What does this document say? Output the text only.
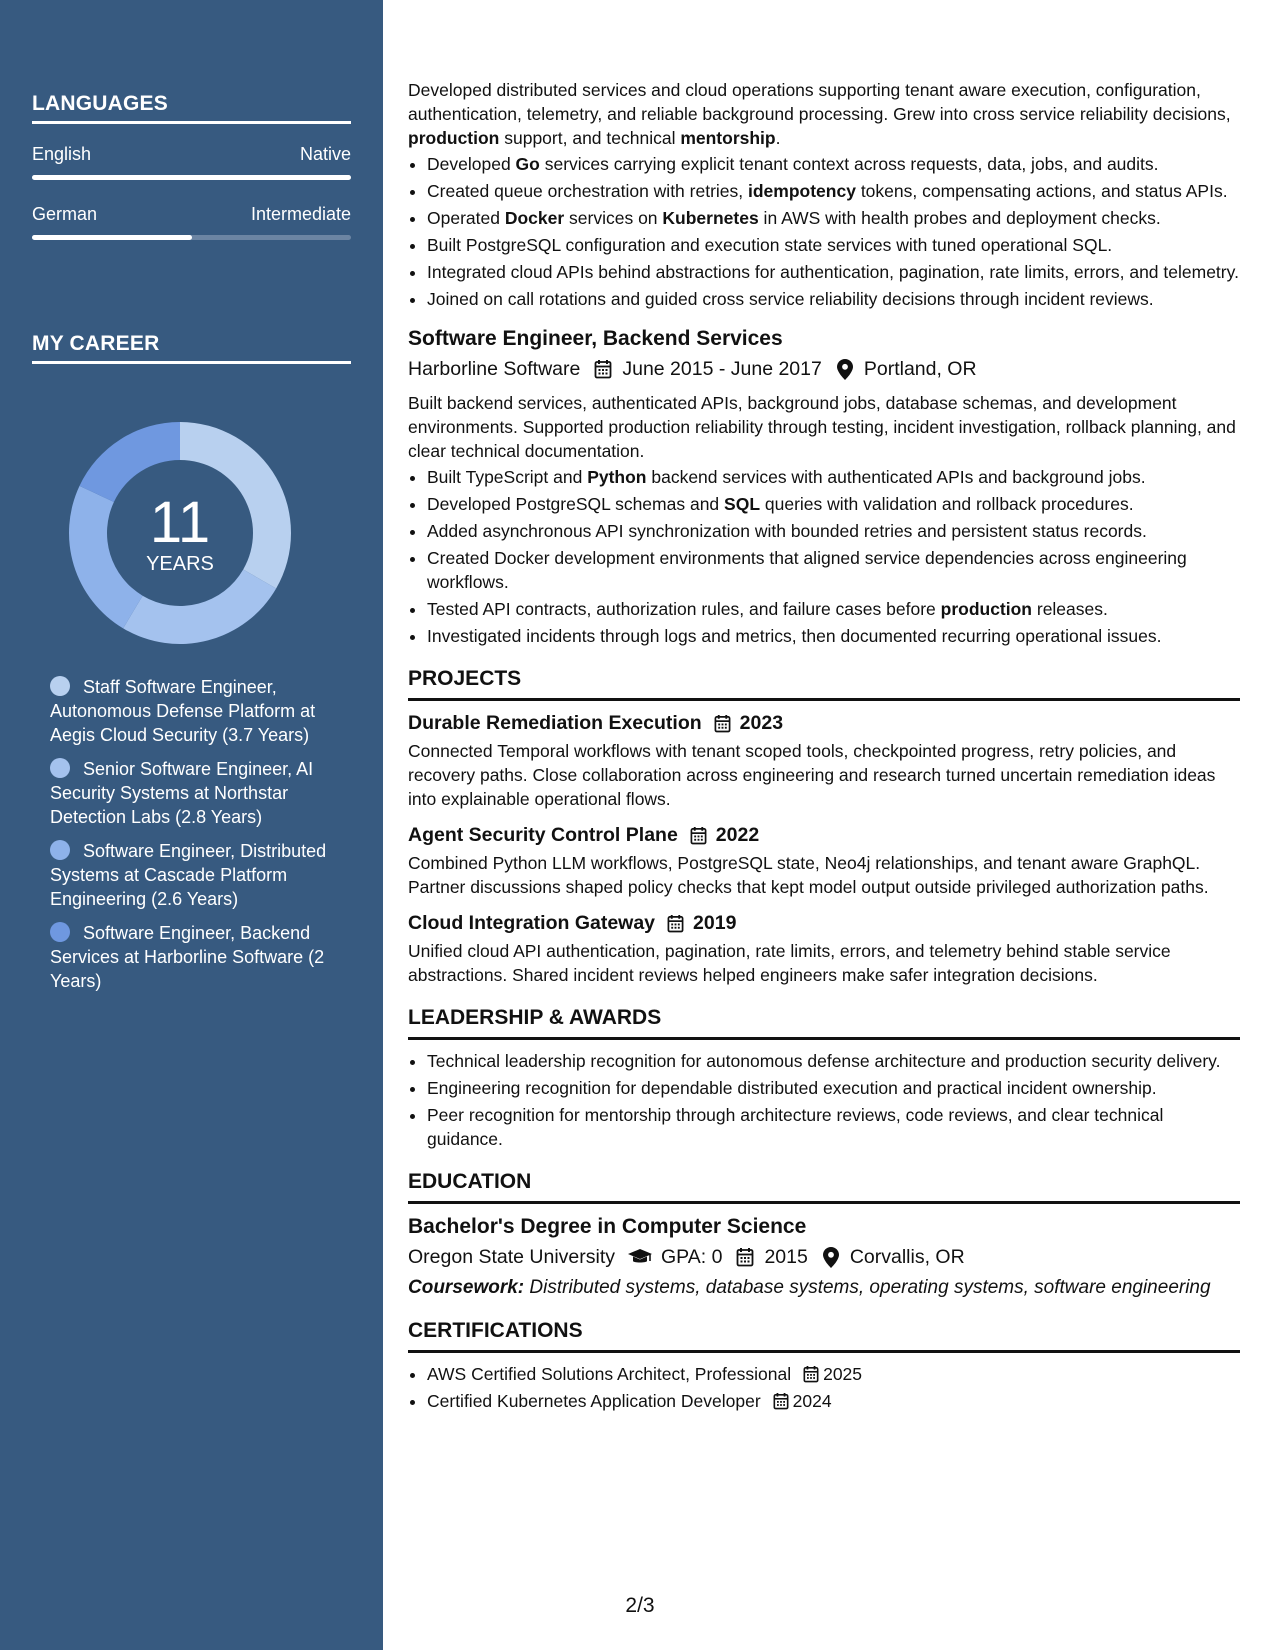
LANGUAGES
English	Native
German	Intermediate
MY CAREER
11
YEARS
Staff Software Engineer, Autonomous Defense Platform at Aegis Cloud Security (3.7 Years)
Senior Software Engineer, AI Security Systems at Northstar Detection Labs (2.8 Years)
Software Engineer, Distributed Systems at Cascade Platform Engineering (2.6 Years)
Software Engineer, Backend Services at Harborline Software (2 Years)

Developed distributed services and cloud operations supporting tenant aware execution, configuration, authentication, telemetry, and reliable background processing. Grew into cross service reliability decisions, production support, and technical mentorship.

• Developed Go services carrying explicit tenant context across requests, data, jobs, and audits.
• Created queue orchestration with retries, idempotency tokens, compensating actions, and status APIs.
• Operated Docker services on Kubernetes in AWS with health probes and deployment checks.
• Built PostgreSQL configuration and execution state services with tuned operational SQL.
• Integrated cloud APIs behind abstractions for authentication, pagination, rate limits, errors, and telemetry.
• Joined on call rotations and guided cross service reliability decisions through incident reviews.
Software Engineer, Backend Services
Harborline Software June 2015 - June 2017 Portland, OR

Built backend services, authenticated APIs, background jobs, database schemas, and development environments. Supported production reliability through testing, incident investigation, rollback planning, and clear technical documentation.

• Built TypeScript and Python backend services with authenticated APIs and background jobs.
• Developed PostgreSQL schemas and SQL queries with validation and rollback procedures.
• Added asynchronous API synchronization with bounded retries and persistent status records.
• Created Docker development environments that aligned service dependencies across engineering workflows.
• Tested API contracts, authorization rules, and failure cases before production releases.
• Investigated incidents through logs and metrics, then documented recurring operational issues.
PROJECTS
Durable Remediation Execution 2023

Connected Temporal workflows with tenant scoped tools, checkpointed progress, retry policies, and recovery paths. Close collaboration across engineering and research turned uncertain remediation ideas into explainable operational flows.

Agent Security Control Plane 2022

Combined Python LLM workflows, PostgreSQL state, Neo4j relationships, and tenant aware GraphQL. Partner discussions shaped policy checks that kept model output outside privileged authorization paths.

Cloud Integration Gateway 2019

Unified cloud API authentication, pagination, rate limits, errors, and telemetry behind stable service abstractions. Shared incident reviews helped engineers make safer integration decisions.

LEADERSHIP & AWARDS
• Technical leadership recognition for autonomous defense architecture and production security delivery.
• Engineering recognition for dependable distributed execution and practical incident ownership.
• Peer recognition for mentorship through architecture reviews, code reviews, and clear technical guidance.
EDUCATION
Bachelor's Degree in Computer Science
Oregon State University GPA: 0 2015 Corvallis, OR
Coursework: Distributed systems, database systems, operating systems, software engineering
CERTIFICATIONS
• AWS Certified Solutions Architect, Professional 2025
• Certified Kubernetes Application Developer 2024
2/3
